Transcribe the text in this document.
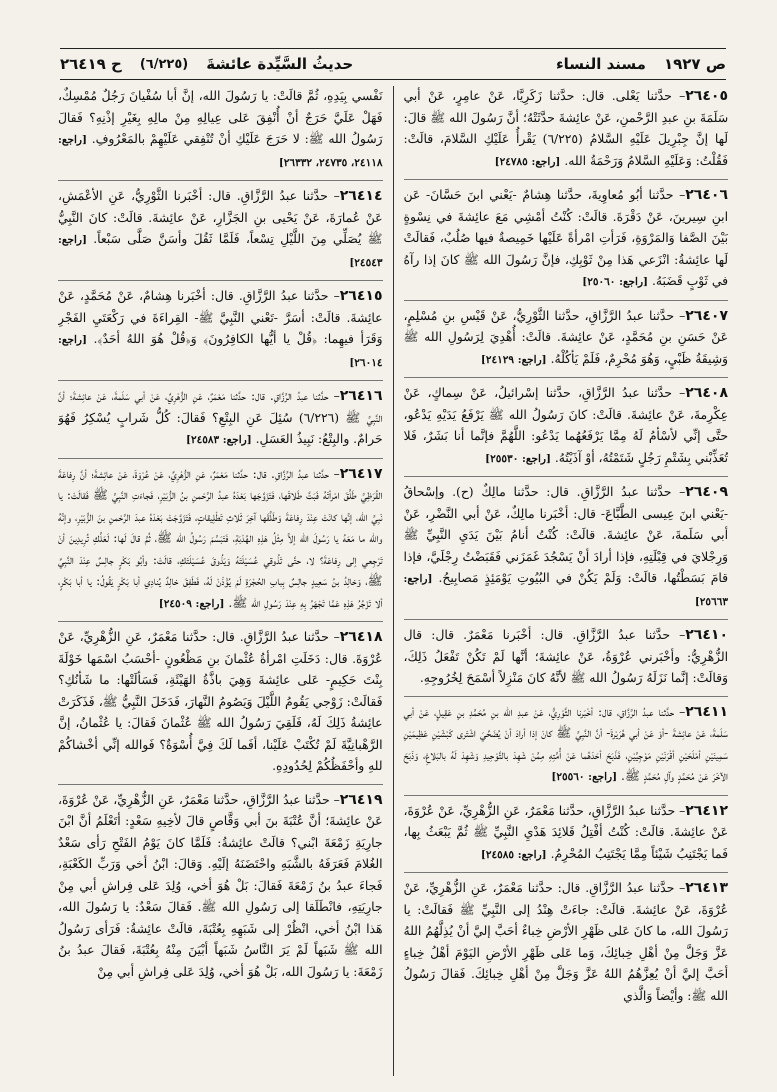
ص ١٩٢٧
مسند النساء
حديثُ السَّيِّدة عائشةَ
(٦/٢٢٥)
ح ٢٦٤١٩

٢٦٤٠٥– حدَّثنا يَعْلى. قال: حدَّثنا زَكَرِيَّا، عَنْ عامِرٍ، عَنْ أبي سَلَمَةَ بنِ عبدِ الرَّحْمنِ، عَنْ عائِشةَ حدَّثَتْهُ؛ أنَّ رَسُولَ الله ﷺ قالَ: لَها إنَّ جِبْرِيلَ عَلَيْهِ السَّلامُ (٦/٢٢٥) يَقْرأُ عَلَيْكِ السَّلامَ، قالَتْ: فَقُلْتُ: وَعَلَيْهِ السَّلامُ وَرَحْمَةُ الله. [راجع: ٢٤٧٨٥]

٢٦٤٠٦– حدَّثنا أبُو مُعاوِيةَ، حدَّثنا هِشامٌ -يَعْني ابنَ حَسَّانَ- عَن ابنِ سِيرينَ، عَنْ دَقْرَةَ. قالَتْ: كُنْتُ أمْشِي مَعَ عائِشةَ في نِسْوةٍ بَيْنَ الصَّفا وَالمَرْوَةِ، فَرَأتِ امْرأةً عَلَيْها خَمِيصةٌ فيها صُلُبٌ، فَقالَتْ لَها عائِشةُ: انْزَعي هَذا مِنْ ثَوْبِكِ، فإنَّ رَسُولَ الله ﷺ كانَ إذا رآهُ في ثَوْبٍ قَضَبَهُ. [راجع: ٢٥٠٦٠]

٢٦٤٠٧– حدَّثنا عبدُ الرَّزَّاقِ، حدَّثنا الثَّوْرِيُّ، عَنْ قَيْسِ بنِ مُسْلِمٍ، عَنْ حَسَنِ بنِ مُحَمَّدٍ، عَنْ عائِشةَ. قالَتْ: أُهْدِيَ لِرَسُولِ الله ﷺ وَشِيقَةُ ظَبْيٍ، وَهُوَ مُحْرِمٌ، فَلَمْ يَأكُلْهُ. [راجع: ٢٤١٢٩]

٢٦٤٠٨– حدَّثنا عبدُ الرَّزَّاقِ، حدَّثنا إسْرائيلُ، عَنْ سِماكٍ، عَنْ عِكْرِمةَ، عَنْ عائِشةَ. قالَتْ: كانَ رَسُولُ الله ﷺ يَرْفَعُ يَدَيْهِ يَدْعُو، حتَّى إنِّي لأسْأمُ لَهُ مِمَّا يَرْفَعُهُما يَدْعُو: اللَّهُمَّ فإنَّما أنا بَشَرٌ، فَلا تُعَذِّبْني بِشَتْمِ رَجُلٍ شَتَمْتُهُ، أوْ آذَيْتُهُ. [راجع: ٢٥٥٣٠]

٢٦٤٠٩– حدَّثنا عبدُ الرَّزَّاقِ. قال: حدَّثنا مالِكٌ (ح). وإسْحاقُ -يَعْني ابنَ عِيسى الطَّبَّاعَ- قال: أخْبَرنا مالِكٌ، عَنْ أبي النَّضْرِ، عَنْ أبي سَلَمةَ، عَنْ عائِشةَ. قالَتْ: كُنْتُ أنامُ بَيْنَ يَدَيِ النَّبِيِّ ﷺ وَرِجْلايَ في قِبْلَتِهِ، فإذا أرادَ أنْ يَسْجُدَ غَمَزَني فَقَبَضْتُ رِجْلَيَّ، فإذا قامَ بَسَطْتُها، قالَتْ: وَلَمْ يَكُنْ في البُيُوتِ يَوْمَئِذٍ مَصابِيحُ. [راجع: ٢٥٦٦٣]

٢٦٤١٠– حدَّثنا عبدُ الرَّزَّاقِ. قال: أخْبَرنا مَعْمَرٌ. قال: قال الزُّهْرِيُّ: وأخْبَرني عُرْوَةُ، عَنْ عائِشةَ؛ أنَّها لَمْ تَكُنْ تَفْعَلُ ذَلِكَ، وَقالَتْ: إنَّما نَزَلَهُ رَسُولُ الله ﷺ لأنَّهُ كانَ مَنْزِلاً أسْمَحَ لِخُرُوجِهِ.

٢٦٤١١– حدَّثنا عبدُ الرَّزَّاقِ، قال: أخْبَرنا الثَّوْرِيُّ، عَنْ عبدِ الله بنِ مُحَمَّدِ بنِ عَقِيلٍ، عَنْ أبي سَلَمةَ، عَنْ عائِشةَ -أوْ عَنْ أبي هُرَيْرةَ- أنَّ النَّبِيَّ ﷺ كانَ إذا أرادَ أنْ يُضَحِّيَ اشْتَرى كَبْشَيْنِ عَظِيمَيْنِ سَمِينَيْنِ أمْلَحَيْنِ أقْرَنَيْنِ مَوْجِيَّيْنِ، فَذَبَحَ أحَدَهُما عَنْ أُمَّتِهِ مِمَّنْ شَهِدَ بالتَّوْحِيدِ وَشَهِدَ لَهُ بالبَلاغِ، وَذَبَحَ الآخَرَ عَنْ مُحَمَّدٍ وآلِ مُحَمَّدٍ ﷺ. [راجع: ٢٥٥٦٠]

٢٦٤١٢– حدَّثنا عبدُ الرَّزَّاقِ، حدَّثنا مَعْمَرٌ، عَنِ الزُّهْرِيِّ، عَنْ عُرْوَةَ، عَنْ عائِشةَ. قالَتْ: كُنْتُ أفْتِلُ قَلائِدَ هَدْيِ النَّبِيِّ ﷺ ثُمَّ يَبْعَثُ بِها، فَما يَجْتَنِبُ شَيْئاً مِمَّا يَجْتَنِبُ المُحْرِمُ. [راجع: ٢٤٥٨٥]

٢٦٤١٣– حدَّثنا عبدُ الرَّزَّاقِ. قال: حدَّثنا مَعْمَرٌ، عَنِ الزُّهْرِيِّ، عَنْ عُرْوَةَ، عَنْ عائِشةَ. قالَتْ: جاءَتْ هِنْدُ إلى النَّبِيِّ ﷺ فَقالَتْ: يا رَسُولَ الله، ما كانَ عَلى ظَهْرِ الأرْضِ خِباءٌ أحَبَّ إليَّ أنْ يُذِلَّهُمُ اللهُ عَزَّ وَجَلَّ مِنْ أهْلِ خِبائِكَ، وَما عَلى ظَهْرِ الأرْضِ اليَوْمَ أهْلُ خِباءٍ أحَبَّ إليَّ أنْ يُعِزَّهُمُ اللهُ عَزَّ وَجَلَّ مِنْ أهْلِ خِبائِكَ. فَقالَ رَسُولُ الله ﷺ: وأيْضاً وَالَّذي

نَفْسي بِيَدِهِ، ثُمَّ قالَتْ: يا رَسُولَ الله، إنَّ أبا سُفْيانَ رَجُلٌ مُمْسِكٌ، فَهَلْ عَلَيَّ حَرَجٌ أنْ أُنْفِقَ عَلى عِيالِهِ مِنْ مالِهِ بِغَيْرِ إذْنِهِ؟ فَقالَ رَسُولُ الله ﷺ: لا حَرَجَ عَلَيْكِ أنْ تُنْفِقي عَلَيْهِمْ بالمَعْرُوفِ. [راجع: ٢٤١١٨، ٢٤٧٣٥، ٢٦٣٣٢]

٢٦٤١٤– حدَّثنا عبدُ الرَّزَّاقِ. قال: أخْبَرنا الثَّوْرِيُّ، عَنِ الأعْمَشِ، عَنْ عُمارَةَ، عَنْ يَحْيى بنِ الجَزَّارِ، عَنْ عائِشةَ. قالَتْ: كانَ النَّبِيُّ ﷺ يُصَلِّي مِنَ اللَّيْلِ تِسْعاً، فَلَمَّا ثَقُلَ وأسَنَّ صَلَّى سَبْعاً. [راجع: ٢٤٥٤٣]

٢٦٤١٥– حدَّثنا عبدُ الرَّزَّاقِ. قال: أخْبَرنا هِشامٌ، عَنْ مُحَمَّدٍ، عَنْ عائِشةَ. قالَتْ: أسَرَّ -تَعْني النَّبِيَّ ﷺ- القِراءَةَ في رَكْعَتَيِ الفَجْرِ وَقَرَأ فيهِما: ﴿قُلْ يا أيُّها الكافِرُونَ﴾ وَ﴿قُلْ هُوَ اللهُ أحَدٌ﴾. [راجع: ٢٦٠١٤]

٢٦٤١٦– حدَّثنا عبدُ الرَّزَّاقِ. قال: حدَّثنا مَعْمَرٌ، عَنِ الزُّهْرِيِّ، عَنْ أبي سَلَمةَ، عَنْ عائِشةَ؛ أنَّ النَّبِيَّ ﷺ (٦/٢٢٦) سُئِلَ عَنِ البِتْعِ؟ فَقالَ: كُلُّ شَرابٍ يُسْكِرُ فَهُوَ حَرامٌ. والبِتْعُ: نَبِيذُ العَسَلِ. [راجع: ٢٤٥٨٣]

٢٦٤١٧– حدَّثنا عبدُ الرَّزَّاقِ. قال: حدَّثنا مَعْمَرٌ، عَنِ الزُّهْرِيِّ، عَنْ عُرْوَةَ، عَنْ عائِشةَ؛ أنَّ رِفاعَةَ القُرَظِيَّ طَلَّقَ امْرأتَهُ فَبَتَّ طَلاقَها، فَتَزَوَّجَها بَعْدَهُ عبدُ الرَّحْمنِ بنُ الزُّبَيْرِ، فَجاءَتِ النَّبِيَّ ﷺ فَقالَتْ: يا نَبِيَّ الله، إنَّها كانَتْ عِنْدَ رِفاعَةَ وَطَلَّقَها آخِرَ ثَلاثِ تَطْلِيقاتٍ، فَتَزَوَّجَتْ بَعْدَهُ عبدَ الرَّحْمنِ بنَ الزُّبَيْرِ، وإنَّهُ والله ما مَعَهُ يا رَسُولَ الله إلاَّ مِثْلُ هَذِهِ الهُدْبَةِ، فَتَبَسَّمَ رَسُولُ الله ﷺ، ثُمَّ قالَ لَها: لَعَلَّكِ تُرِيدِينَ أنْ تَرْجِعي إلى رِفاعَةَ؟ لا، حتَّى تَذُوقي عُسَيْلَتَهُ وَيَذُوقَ عُسَيْلَتَكِ، قالَتْ: وأبُو بَكْرٍ جالِسٌ عِنْدَ النَّبِيِّ ﷺ، وَخالِدُ بنُ سَعِيدٍ جالِسٌ بِبابِ الحُجْرَةِ لَمْ يُؤْذَنْ لَهُ، فَطَفِقَ خالِدٌ يُنادِي أبا بَكْرٍ يَقُولُ: يا أبا بَكْرٍ، ألا تَزْجُرُ هَذِهِ عَمَّا تَجْهَرُ بِهِ عِنْدَ رَسُولِ الله ﷺ. [راجع: ٢٤٥٠٩]

٢٦٤١٨– حدَّثنا عبدُ الرَّزَّاقِ. قال: حدَّثنا مَعْمَرٌ، عَنِ الزُّهْرِيِّ، عَنْ عُرْوَةَ. قال: دَخَلَتِ امْرأةُ عُثْمانَ بنِ مَظْعُونٍ -أحْسَبُ اسْمَها خَوْلَةَ بِنْتَ حَكِيمٍ- عَلى عائِشةَ وَهِيَ باذَّةُ الهَيْئَةِ، فَسَألَتْها: ما شَأنُكِ؟ فَقالَتْ: زَوْجي يَقُومُ اللَّيْلَ وَيَصُومُ النَّهارَ، فَدَخَلَ النَّبِيُّ ﷺ، فَذَكَرَتْ عائِشةُ ذَلِكَ لَهُ، فَلَقِيَ رَسُولُ الله ﷺ عُثْمانَ فَقالَ: يا عُثْمانُ، إنَّ الرَّهْبانِيَّةَ لَمْ تُكْتَبْ عَلَيْنا، أفَما لَكَ فِيَّ أُسْوَةٌ؟ فَوالله إنِّي أخْشاكُمْ للهِ وأحْفَظُكُمْ لِحُدُودِهِ.

٢٦٤١٩– حدَّثنا عبدُ الرَّزَّاقِ، حدَّثنا مَعْمَرٌ، عَنِ الزُّهْرِيِّ، عَنْ عُرْوَةَ، عَنْ عائِشةَ؛ أنَّ عُتْبَةَ بنَ أبي وَقَّاصٍ قالَ لأخِيهِ سَعْدٍ: أتَعْلَمُ أنَّ ابْنَ جارِيَةِ زَمْعَةَ ابْني؟ قالَتْ عائِشةُ: فَلَمَّا كانَ يَوْمُ الفَتْحِ رَأى سَعْدٌ الغُلامَ فَعَرَفَهُ بالشَّبَهِ واحْتَضَنَهُ إلَيْهِ. وَقالَ: ابْنُ أخي وَرَبِّ الكَعْبَةِ، فَجاءَ عبدُ بنُ زَمْعَةَ فَقالَ: بَلْ هُوَ أخي، وُلِدَ عَلى فِراشِ أبي مِنْ جارِيَتِهِ، فانْطَلَقا إلى رَسُولِ الله ﷺ. فَقالَ سَعْدٌ: يا رَسُولَ الله، هَذا ابْنُ أخي، انْظُرْ إلى شَبَهِهِ بِعُتْبَةَ، قالَتْ عائِشةُ: فَرَأى رَسُولُ الله ﷺ شَبَهاً لَمْ يَرَ النَّاسُ شَبَهاً أبْيَنَ مِنْهُ بِعُتْبَةَ، فَقالَ عبدُ بنُ زَمْعَةَ: يا رَسُولَ الله، بَلْ هُوَ أخي، وُلِدَ عَلى فِراشِ أبي مِنْ
